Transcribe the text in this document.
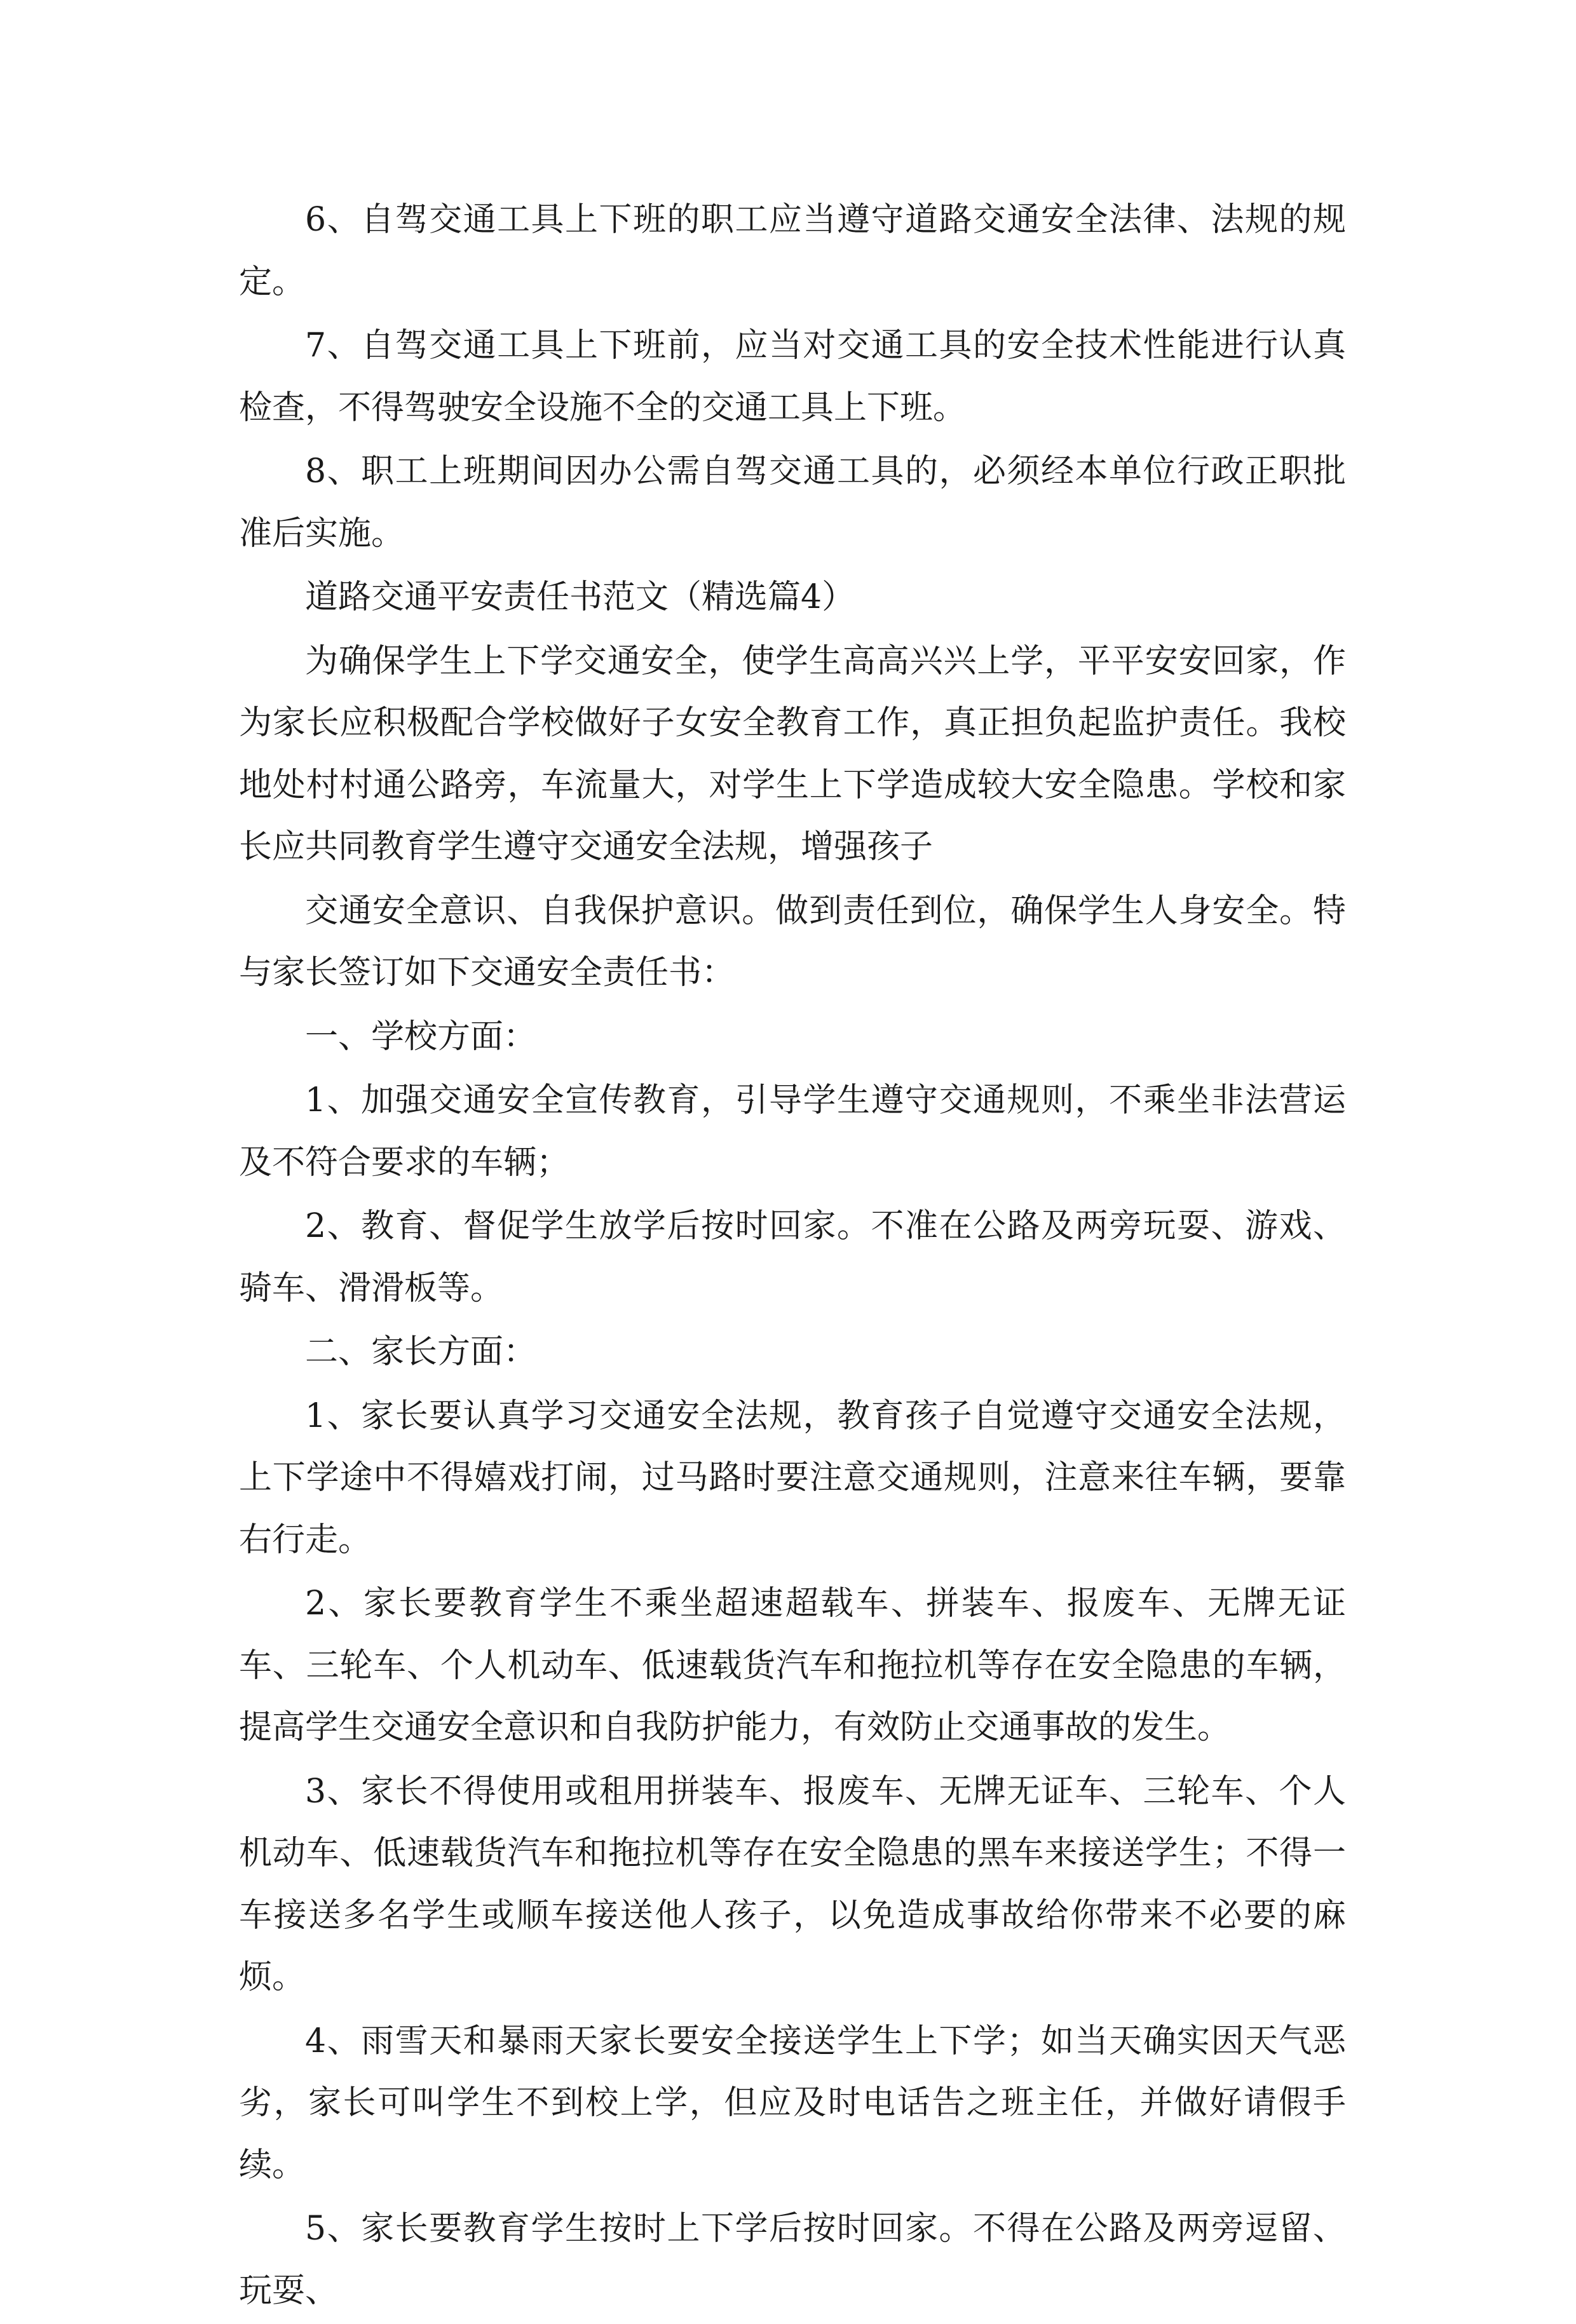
6、自驾交通工具上下班的职工应当遵守道路交通安全法律、法规的规定。

7、自驾交通工具上下班前，应当对交通工具的安全技术性能进行认真检查，不得驾驶安全设施不全的交通工具上下班。

8、职工上班期间因办公需自驾交通工具的，必须经本单位行政正职批准后实施。

道路交通平安责任书范文（精选篇4）

为确保学生上下学交通安全，使学生高高兴兴上学，平平安安回家，作为家长应积极配合学校做好子女安全教育工作，真正担负起监护责任。我校地处村村通公路旁，车流量大，对学生上下学造成较大安全隐患。学校和家长应共同教育学生遵守交通安全法规，增强孩子

交通安全意识、自我保护意识。做到责任到位，确保学生人身安全。特与家长签订如下交通安全责任书：

一、学校方面：

1、加强交通安全宣传教育，引导学生遵守交通规则，不乘坐非法营运及不符合要求的车辆；

2、教育、督促学生放学后按时回家。不准在公路及两旁玩耍、游戏、骑车、滑滑板等。

二、家长方面：

1、家长要认真学习交通安全法规，教育孩子自觉遵守交通安全法规，上下学途中不得嬉戏打闹，过马路时要注意交通规则，注意来往车辆，要靠右行走。

2、家长要教育学生不乘坐超速超载车、拼装车、报废车、无牌无证车、三轮车、个人机动车、低速载货汽车和拖拉机等存在安全隐患的车辆，提高学生交通安全意识和自我防护能力，有效防止交通事故的发生。

3、家长不得使用或租用拼装车、报废车、无牌无证车、三轮车、个人机动车、低速载货汽车和拖拉机等存在安全隐患的黑车来接送学生；不得一车接送多名学生或顺车接送他人孩子，以免造成事故给你带来不必要的麻烦。

4、雨雪天和暴雨天家长要安全接送学生上下学；如当天确实因天气恶劣，家长可叫学生不到校上学，但应及时电话告之班主任，并做好请假手续。

5、家长要教育学生按时上下学后按时回家。不得在公路及两旁逗留、玩耍、
